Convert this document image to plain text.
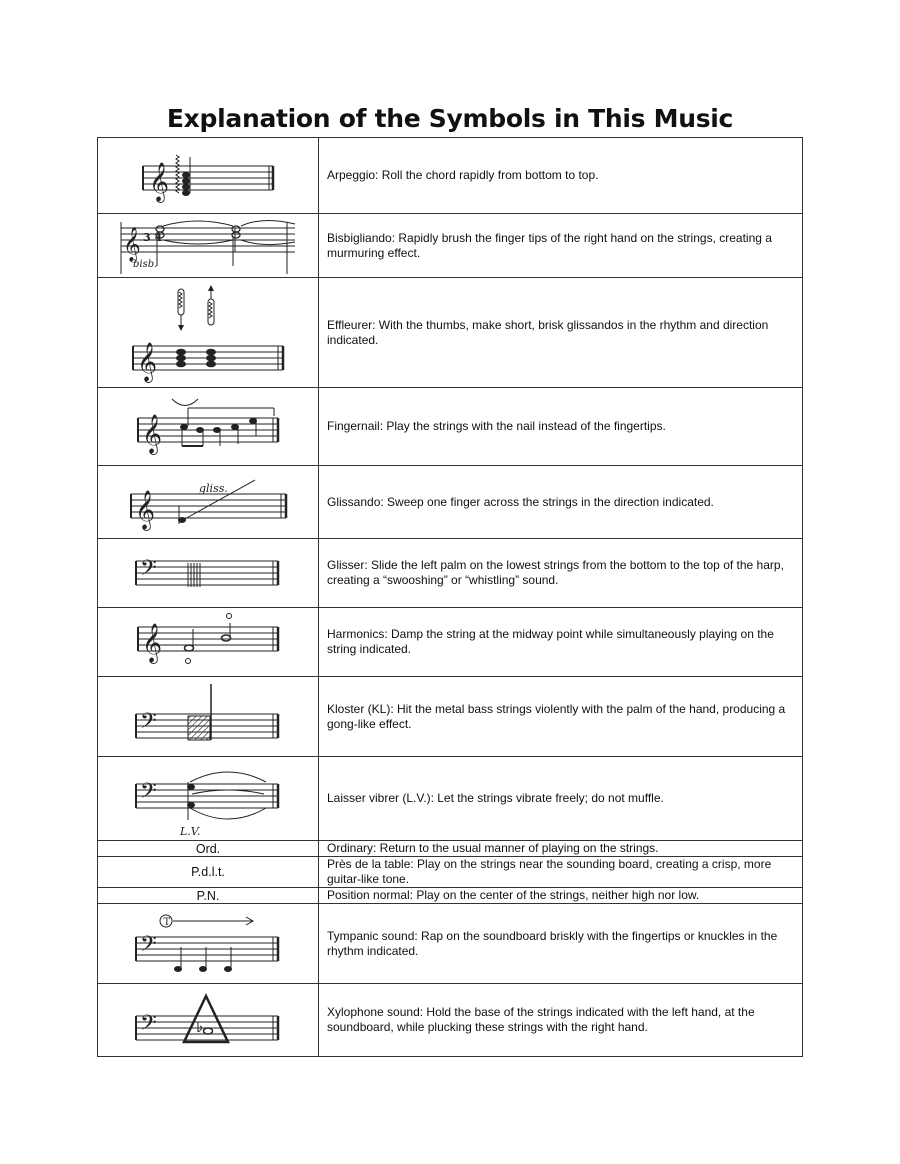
Explanation of the Symbols in This Music
𝄞	Arpeggio: Roll the chord rapidly from bottom to top.

𝄞 3 4
bisb.	Bisbigliando: Rapidly brush the finger tips of the right hand on the strings, creating a murmuring effect.

𝄞	Effleurer: With the thumbs, make short, brisk glissandos in the rhythm and direction indicated.

𝄞	Fingernail: Play the strings with the nail instead of the fingertips.

𝄞
gliss.	Glissando: Sweep one finger across the strings in the direction indicated.

𝄢	Glisser: Slide the left palm on the lowest strings from the bottom to the top of the harp, creating a “swooshing” or “whistling” sound.

𝄞	Harmonics: Damp the string at the midway point while simultaneously playing on the string indicated.

𝄢	Kloster (KL): Hit the metal bass strings violently with the palm of the hand, producing a gong-like effect.

𝄢
L.V.	Laisser vibrer (L.V.): Let the strings vibrate freely; do not muffle.
Ord.	Ordinary: Return to the usual manner of playing on the strings.
P.d.l.t.	Près de la table: Play on the strings near the sounding board, creating a crisp, more guitar-like tone.
P.N.	Position normal: Play on the center of the strings, neither high nor low.

T
𝄢	Tympanic sound: Rap on the soundboard briskly with the fingertips or knuckles in the rhythm indicated.

𝄢	Xylophone sound: Hold the base of the strings indicated with the left hand, at the soundboard, while plucking these strings with the right hand.
